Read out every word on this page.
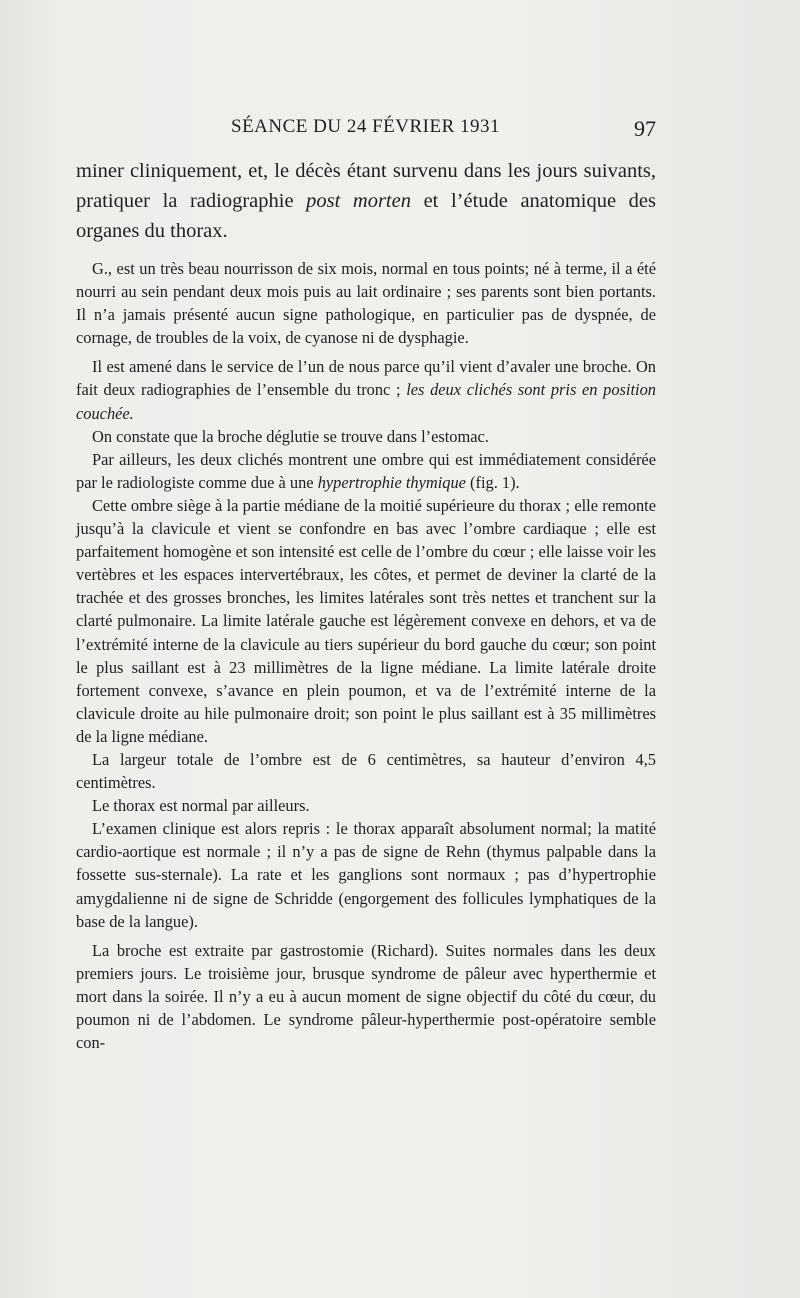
SÉANCE DU 24 FÉVRIER 1931	97

miner cliniquement, et, le décès étant survenu dans les jours suivants, pratiquer la radiographie post morten et l’étude anatomique des organes du thorax.

G., est un très beau nourrisson de six mois, normal en tous points; né à terme, il a été nourri au sein pendant deux mois puis au lait ordinaire ; ses parents sont bien portants. Il n’a jamais présenté aucun signe pathologique, en particulier pas de dyspnée, de cornage, de troubles de la voix, de cyanose ni de dysphagie.

Il est amené dans le service de l’un de nous parce qu’il vient d’avaler une broche. On fait deux radiographies de l’ensemble du tronc ; les deux clichés sont pris en position couchée.

On constate que la broche déglutie se trouve dans l’estomac.

Par ailleurs, les deux clichés montrent une ombre qui est immédiatement considérée par le radiologiste comme due à une hypertrophie thymique (fig. 1).

Cette ombre siège à la partie médiane de la moitié supérieure du thorax ; elle remonte jusqu’à la clavicule et vient se confondre en bas avec l’ombre cardiaque ; elle est parfaitement homogène et son intensité est celle de l’ombre du cœur ; elle laisse voir les vertèbres et les espaces intervertébraux, les côtes, et permet de deviner la clarté de la trachée et des grosses bronches, les limites latérales sont très nettes et tranchent sur la clarté pulmonaire. La limite latérale gauche est légèrement convexe en dehors, et va de l’extrémité interne de la clavicule au tiers supérieur du bord gauche du cœur; son point le plus saillant est à 23 millimètres de la ligne médiane. La limite latérale droite fortement convexe, s’avance en plein poumon, et va de l’extrémité interne de la clavicule droite au hile pulmonaire droit; son point le plus saillant est à 35 millimètres de la ligne médiane.

La largeur totale de l’ombre est de 6 centimètres, sa hauteur d’environ 4,5 centimètres.

Le thorax est normal par ailleurs.

L’examen clinique est alors repris : le thorax apparaît absolument normal; la matité cardio-aortique est normale ; il n’y a pas de signe de Rehn (thymus palpable dans la fossette sus-sternale). La rate et les ganglions sont normaux ; pas d’hypertrophie amygdalienne ni de signe de Schridde (engorgement des follicules lymphatiques de la base de la langue).

La broche est extraite par gastrostomie (Richard). Suites normales dans les deux premiers jours. Le troisième jour, brusque syndrome de pâleur avec hyperthermie et mort dans la soirée. Il n’y a eu à aucun moment de signe objectif du côté du cœur, du poumon ni de l’abdomen. Le syndrome pâleur-hyperthermie post-opératoire semble con-
